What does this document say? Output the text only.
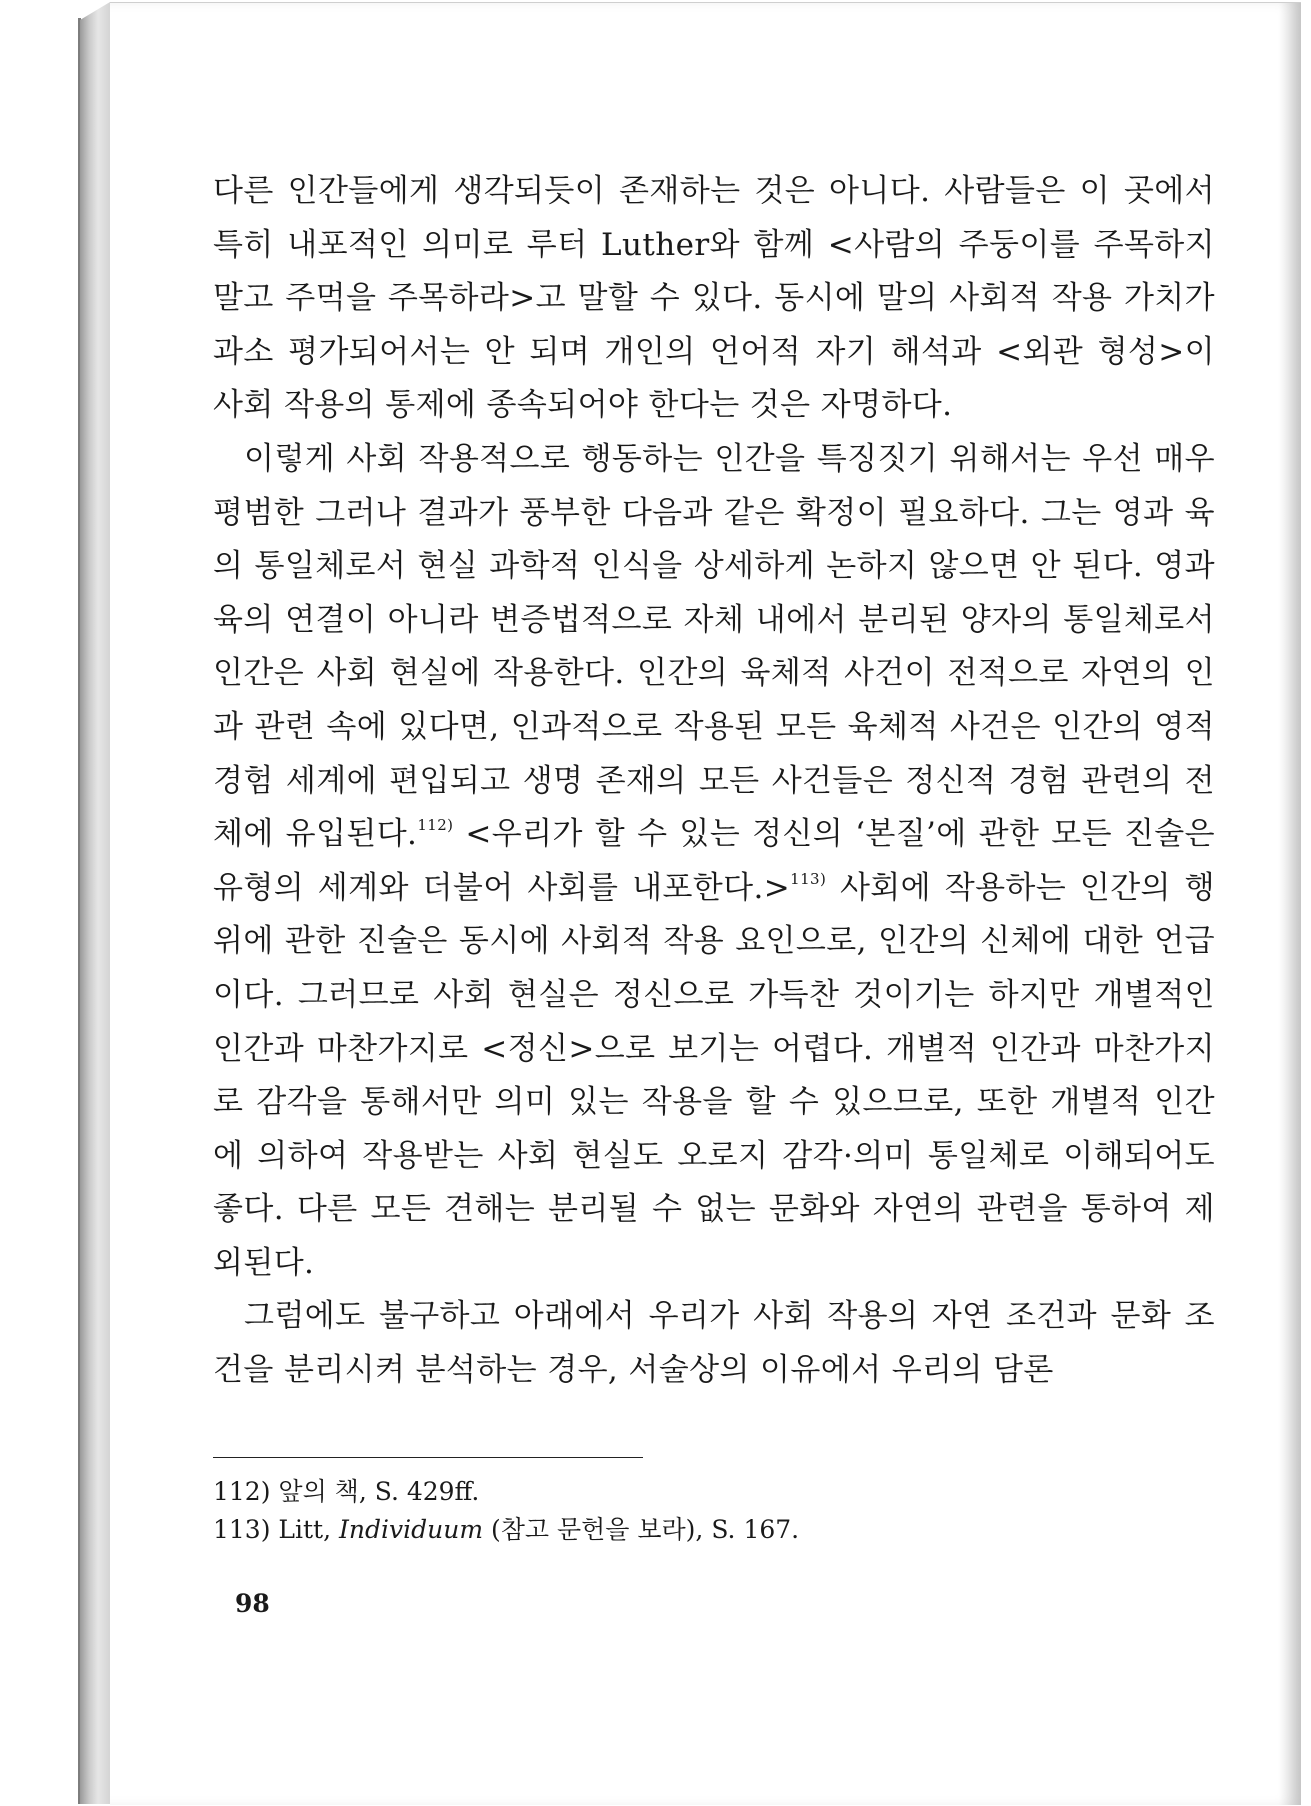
다른 인간들에게 생각되듯이 존재하는 것은 아니다. 사람들은 이 곳에서 특히 내포적인 의미로 루터 Luther와 함께 <사람의 주둥이를 주목하지 말고 주먹을 주목하라>고 말할 수 있다. 동시에 말의 사회적 작용 가치가 과소 평가되어서는 안 되며 개인의 언어적 자기 해석과 <외관 형성>이 사회 작용의 통제에 종속되어야 한다는 것은 자명하다.

이렇게 사회 작용적으로 행동하는 인간을 특징짓기 위해서는 우선 매우 평범한 그러나 결과가 풍부한 다음과 같은 확정이 필요하다. 그는 영과 육의 통일체로서 현실 과학적 인식을 상세하게 논하지 않으면 안 된다. 영과 육의 연결이 아니라 변증법적으로 자체 내에서 분리된 양자의 통일체로서 인간은 사회 현실에 작용한다. 인간의 육체적 사건이 전적으로 자연의 인과 관련 속에 있다면, 인과적으로 작용된 모든 육체적 사건은 인간의 영적 경험 세계에 편입되고 생명 존재의 모든 사건들은 정신적 경험 관련의 전체에 유입된다.$^{112)}$ <우리가 할 수 있는 정신의 ‘본질’에 관한 모든 진술은 유형의 세계와 더불어 사회를 내포한다.>$^{113)}$ 사회에 작용하는 인간의 행위에 관한 진술은 동시에 사회적 작용 요인으로, 인간의 신체에 대한 언급이다. 그러므로 사회 현실은 정신으로 가득찬 것이기는 하지만 개별적인 인간과 마찬가지로 <정신>으로 보기는 어렵다. 개별적 인간과 마찬가지로 감각을 통해서만 의미 있는 작용을 할 수 있으므로, 또한 개별적 인간에 의하여 작용받는 사회 현실도 오로지 감각·의미 통일체로 이해되어도 좋다. 다른 모든 견해는 분리될 수 없는 문화와 자연의 관련을 통하여 제외된다.

그럼에도 불구하고 아래에서 우리가 사회 작용의 자연 조건과 문화 조건을 분리시켜 분석하는 경우, 서술상의 이유에서 우리의 담론

112) 앞의 책, S. 429ff.

113) Litt, Individuum (참고 문헌을 보라), S. 167.

98
